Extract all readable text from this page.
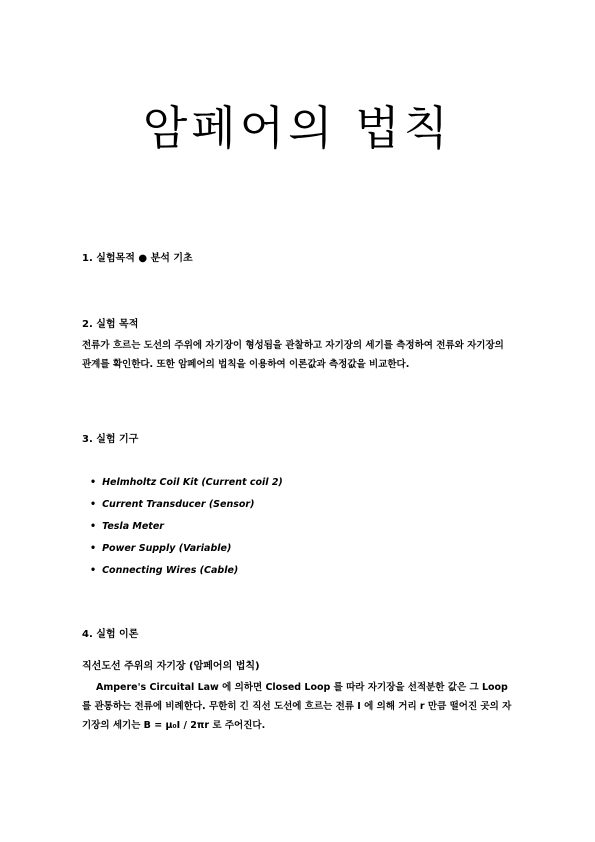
암페어의 법칙
1. 실험목적 ● 분석 기초
2. 실험 목적
전류가 흐르는 도선의 주위에 자기장이 형성됨을 관찰하고 자기장의 세기를 측정하여 전류와 자기장의 관계를 확인한다. 또한 암페어의 법칙을 이용하여 이론값과 측정값을 비교한다.
3. 실험 기구
• Helmholtz Coil Kit (Current coil 2)
• Current Transducer (Sensor)
• Tesla Meter
• Power Supply (Variable)
• Connecting Wires (Cable)
4. 실험 이론
직선도선 주위의 자기장 (암페어의 법칙)
Ampere's Circuital Law 에 의하면 Closed Loop 를 따라 자기장을 선적분한 값은 그 Loop 를 관통하는 전류에 비례한다. 무한히 긴 직선 도선에 흐르는 전류 I 에 의해 거리 r 만큼 떨어진 곳의 자기장의 세기는 B = μ₀I / 2πr 로 주어진다.
